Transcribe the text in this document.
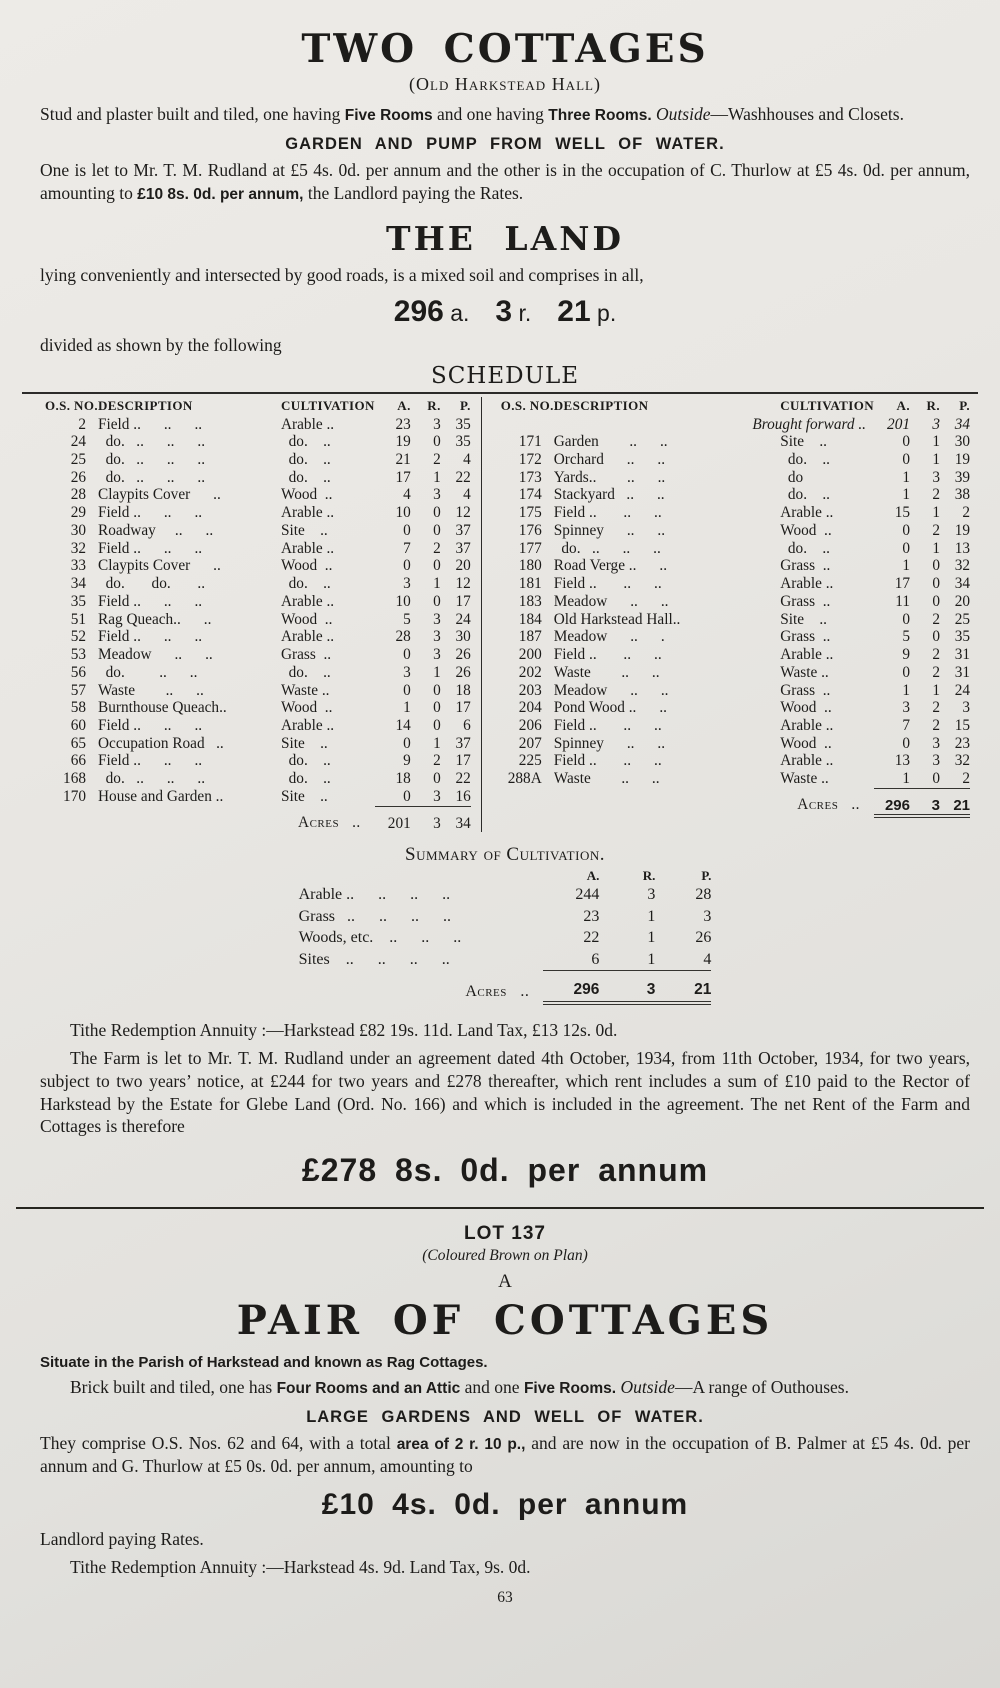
TWO COTTAGES
(Old Harkstead Hall)

Stud and plaster built and tiled, one having Five Rooms and one having Three Rooms. Outside—Washhouses and Closets.

GARDEN AND PUMP FROM WELL OF WATER.

One is let to Mr. T. M. Rudland at £5 4s. 0d. per annum and the other is in the occupation of C. Thurlow at £5 4s. 0d. per annum, amounting to £10 8s. 0d. per annum, the Landlord paying the Rates.

THE LAND

lying conveniently and intersected by good roads, is a mixed soil and comprises in all,

296 a. 3 r. 21 p.

divided as shown by the following

SCHEDULE
O.S. NO.	DESCRIPTION	CULTIVATION	A.	R.	P.
2	Field ..      ..      ..	Arable ..	23	3	35
24	do.   ..      ..      ..	do.    ..	19	0	35
25	do.   ..      ..      ..	do.    ..	21	2	4
26	do.   ..      ..      ..	do.    ..	17	1	22
28	Claypits Cover      ..	Wood  ..	4	3	4
29	Field ..      ..      ..	Arable ..	10	0	12
30	Roadway     ..      ..	Site    ..	0	0	37
32	Field ..      ..      ..	Arable ..	7	2	37
33	Claypits Cover      ..	Wood  ..	0	0	20
34	do.       do.       ..	do.    ..	3	1	12
35	Field ..      ..      ..	Arable ..	10	0	17
51	Rag Queach..      ..	Wood  ..	5	3	24
52	Field ..      ..      ..	Arable ..	28	3	30
53	Meadow      ..      ..	Grass  ..	0	3	26
56	do.         ..      ..	do.    ..	3	1	26
57	Waste        ..      ..	Waste ..	0	0	18
58	Burnthouse Queach..	Wood  ..	1	0	17
60	Field ..      ..      ..	Arable ..	14	0	6
65	Occupation Road   ..	Site    ..	0	1	37
66	Field ..      ..      ..	do.    ..	9	2	17
168	do.   ..      ..      ..	do.    ..	18	0	22
170	House and Garden ..	Site    ..	0	3	16
	Acres ..		201	3	34
O.S. NO.	DESCRIPTION	CULTIVATION	A.	R.	P.
	Brought forward ..		201	3	34
171	Garden        ..      ..	Site    ..	0	1	30
172	Orchard      ..      ..	do.    ..	0	1	19
173	Yards..        ..      ..	do	1	3	39
174	Stackyard   ..      ..	do.    ..	1	2	38
175	Field ..       ..      ..	Arable ..	15	1	2
176	Spinney      ..      ..	Wood  ..	0	2	19
177	do.   ..      ..      ..	do.    ..	0	1	13
180	Road Verge ..      ..	Grass  ..	1	0	32
181	Field ..       ..      ..	Arable ..	17	0	34
183	Meadow      ..      ..	Grass  ..	11	0	20
184	Old Harkstead Hall..	Site    ..	0	2	25
187	Meadow      ..      .	Grass  ..	5	0	35
200	Field ..       ..      ..	Arable ..	9	2	31
202	Waste        ..      ..	Waste ..	0	2	31
203	Meadow      ..      ..	Grass  ..	1	1	24
204	Pond Wood ..      ..	Wood  ..	3	2	3
206	Field ..       ..      ..	Arable ..	7	2	15
207	Spinney      ..      ..	Wood  ..	0	3	23
225	Field ..       ..      ..	Arable ..	13	3	32
288A	Waste        ..      ..	Waste ..	1	0	2
	Acres ..		296	3	21
Summary of Cultivation.
	A.	R.	P.
Arable ..      ..      ..      ..	244	3	28
Grass   ..      ..      ..      ..	23	1	3
Woods, etc.    ..      ..      ..	22	1	26
Sites    ..      ..      ..      ..	6	1	4
Acres ..	296	3	21

Tithe Redemption Annuity :—Harkstead £82 19s. 11d. Land Tax, £13 12s. 0d.

The Farm is let to Mr. T. M. Rudland under an agreement dated 4th October, 1934, from 11th October, 1934, for two years, subject to two years’ notice, at £244 for two years and £278 thereafter, which rent includes a sum of £10 paid to the Rector of Harkstead by the Estate for Glebe Land (Ord. No. 166) and which is included in the agreement. The net Rent of the Farm and Cottages is therefore

£278 8s. 0d. per annum
LOT 137
(Coloured Brown on Plan)
A
PAIR OF COTTAGES

Situate in the Parish of Harkstead and known as Rag Cottages.

Brick built and tiled, one has Four Rooms and an Attic and one Five Rooms. Outside—A range of Outhouses.

LARGE GARDENS AND WELL OF WATER.

They comprise O.S. Nos. 62 and 64, with a total area of 2 r. 10 p., and are now in the occupation of B. Palmer at £5 4s. 0d. per annum and G. Thurlow at £5 0s. 0d. per annum, amounting to

£10 4s. 0d. per annum

Landlord paying Rates.

Tithe Redemption Annuity :—Harkstead 4s. 9d. Land Tax, 9s. 0d.

63
